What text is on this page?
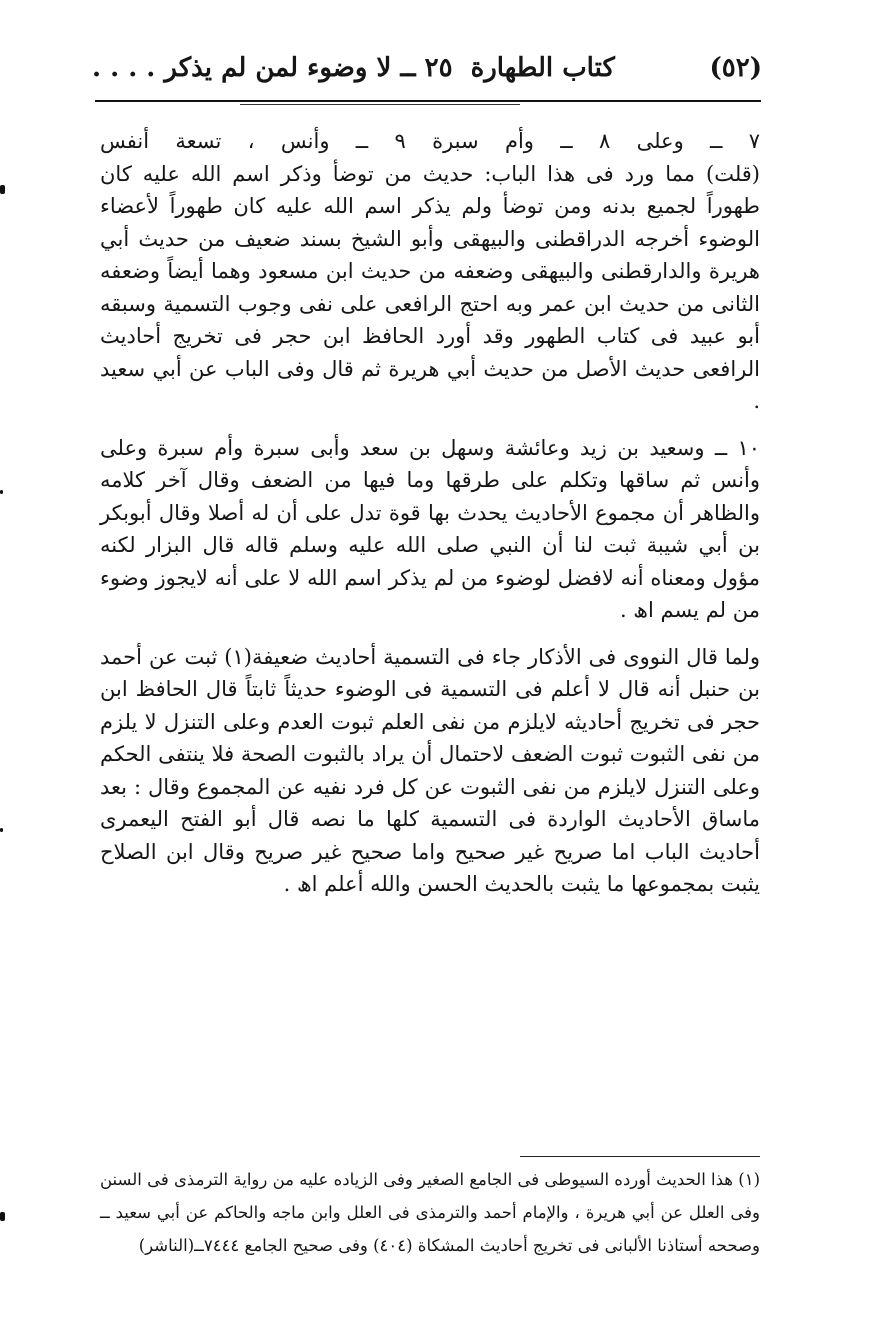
(٥٢)
كتاب الطهارة
٢٥ ــ لا وضوء لمن لم يذكر . . . .

٧ ــ وعلى ٨ ــ وأم سبرة ٩ ــ وأنس ، تسعة أنفس

(قلت) مما ورد فى هذا الباب: حديث من توضأ وذكر اسم الله عليه كان طهوراً لجميع بدنه ومن توضأ ولم يذكر اسم الله عليه كان طهوراً لأعضاء الوضوء أخرجه الدراقطنى والبيهقى وأبو الشيخ بسند ضعيف من حديث أبي هريرة والدارقطنى والبيهقى وضعفه من حديث ابن مسعود وهما أيضاً وضعفه الثانى من حديث ابن عمر وبه احتج الرافعى على نفى وجوب التسمية وسبقه أبو عبيد فى كتاب الطهور وقد أورد الحافظ ابن حجر فى تخريج أحاديث الرافعى حديث الأصل من حديث أبي هريرة ثم قال وفى الباب عن أبي سعيد .

١٠ ــ وسعيد بن زيد وعائشة وسهل بن سعد وأبى سبرة وأم سبرة وعلى وأنس ثم ساقها وتكلم على طرقها وما فيها من الضعف وقال آخر كلامه والظاهر أن مجموع الأحاديث يحدث بها قوة تدل على أن له أصلا وقال أبوبكر بن أبي شيبة ثبت لنا أن النبي صلى الله عليه وسلم قاله قال البزار لكنه مؤول ومعناه أنه لافضل لوضوء من لم يذكر اسم الله لا على أنه لايجوز وضوء من لم يسم اھ .

ولما قال النووى فى الأذكار جاء فى التسمية أحاديث ضعيفة(١) ثبت عن أحمد بن حنبل أنه قال لا أعلم فى التسمية فى الوضوء حديثاً ثابتاً قال الحافظ ابن حجر فى تخريج أحاديثه لايلزم من نفى العلم ثبوت العدم وعلى التنزل لا يلزم من نفى الثبوت ثبوت الضعف لاحتمال أن يراد بالثبوت الصحة فلا ينتفى الحكم وعلى التنزل لايلزم من نفى الثبوت عن كل فرد نفيه عن المجموع وقال : بعد ماساق الأحاديث الواردة فى التسمية كلها ما نصه قال أبو الفتح اليعمرى أحاديث الباب اما صريح غير صحيح واما صحيح غير صريح وقال ابن الصلاح يثبت بمجموعها ما يثبت بالحديث الحسن والله أعلم اھ .

(١) هذا الحديث أورده السيوطى فى الجامع الصغير وفى الزياده عليه من رواية الترمذى فى السنن وفى العلل عن أبي هريرة ، والإمام أحمد والترمذى فى العلل وابن ماجه والحاكم عن أبي سعيد ــ وصححه أستاذنا الألبانى فى تخريج أحاديث المشكاة (٤٠٤) وفى صحيح الجامع ٧٤٤٤ــ(الناشر)
